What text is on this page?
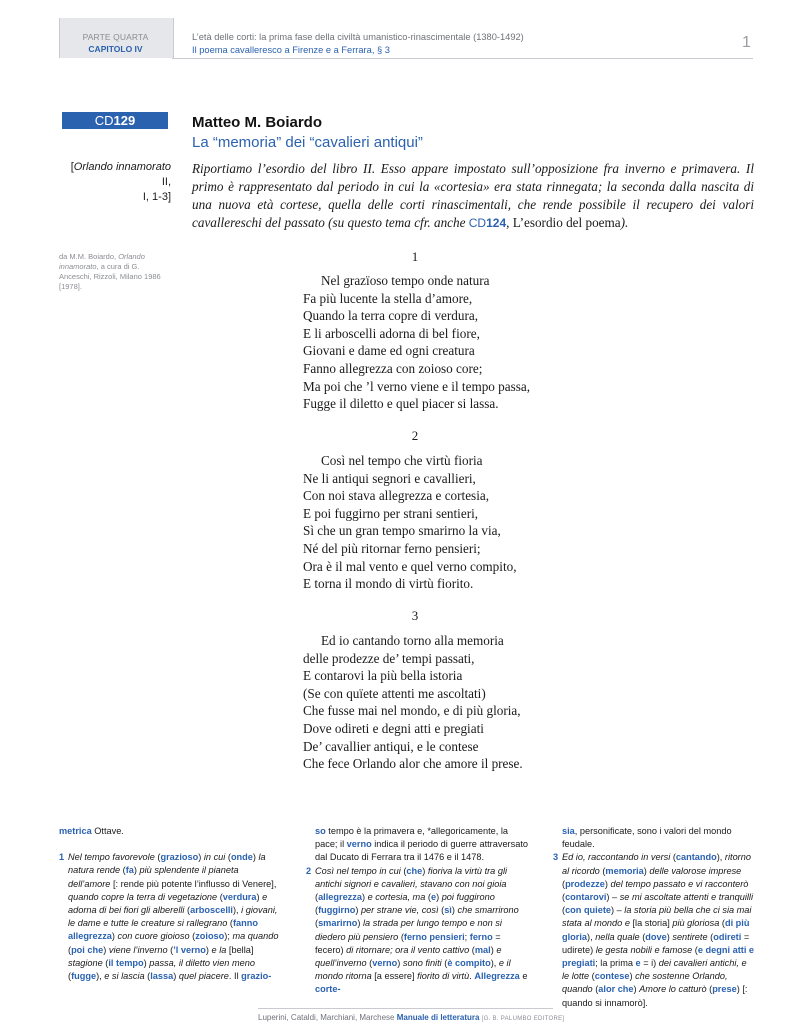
PARTE QUARTA
CAPITOLO IV
L’età delle corti: la prima fase della civiltà umanistico-rinascimentale (1380-1492)
Il poema cavalleresco a Firenze e a Ferrara, § 3	1
CD129	Matteo M. Boiardo
La “memoria” dei “cavalieri antiqui”
[Orlando innamorato II,
I, 1-3]
da M.M. Boiardo, Orlando innamorato, a cura di G. Anceschi, Rizzoli, Milano 1986 [1978].
Riportiamo l’esordio del libro II. Esso appare impostato sull’opposizione fra inverno e primavera. Il primo è rappresentato dal periodo in cui la «cortesia» era stata rinnegata; la seconda dalla nascita di una nuova età cortese, quella delle corti rinascimentali, che rende possibile il recupero dei valori cavallereschi del passato (su questo tema cfr. anche CD124, L’esordio del poema).
1
Nel grazïoso tempo onde natura
Fa più lucente la stella d’amore,
Quando la terra copre di verdura,
E li arboscelli adorna di bel fiore,
Giovani e dame ed ogni creatura
Fanno allegrezza con zoioso core;
Ma poi che ’l verno viene e il tempo passa,
Fugge il diletto e quel piacer si lassa.
2
Così nel tempo che virtù fioria
Ne li antiqui segnori e cavallieri,
Con noi stava allegrezza e cortesia,
E poi fuggirno per strani sentieri,
Sì che un gran tempo smarirno la via,
Né del più ritornar ferno pensieri;
Ora è il mal vento e quel verno compito,
E torna il mondo di virtù fiorito.
3
Ed io cantando torno alla memoria
delle prodezze de’ tempi passati,
E contarovi la più bella istoria
(Se con quïete attenti me ascoltati)
Che fusse mai nel mondo, e di più gloria,
Dove odireti e degni atti e pregiati
De’ cavallier antiqui, e le contese
Che fece Orlando alor che amore il prese.
metrica Ottave.
1 Nel tempo favorevole (grazioso) in cui (onde) la natura rende (fa) più splendente il pianeta dell’amore [: rende più potente l’influsso di Venere], quando copre la terra di vegetazione (verdura) e adorna di bei fiori gli alberelli (arboscelli), i giovani, le dame e tutte le creature si rallegrano (fanno allegrezza) con cuore gioioso (zoioso); ma quando (poi che) viene l’inverno (’l verno) e la [bella] stagione (il tempo) passa, il diletto vien meno (fugge), e si lascia (lassa) quel piacere. Il grazio-
so tempo è la primavera e, *allegoricamente, la pace; il verno indica il periodo di guerre attraversato dal Ducato di Ferrara tra il 1476 e il 1478.
2 Così nel tempo in cui (che) fioriva la virtù tra gli antichi signori e cavalieri, stavano con noi gioia (allegrezza) e cortesia, ma (e) poi fuggirono (fuggirno) per strane vie, così (sì) che smarrirono (smarirno) la strada per lungo tempo e non si diedero più pensiero (ferno pensieri; ferno = fecero) di ritornare; ora il vento cattivo (mal) e quell’inverno (verno) sono finiti (è compito), e il mondo ritorna [a essere] fiorito di virtù. Allegrezza e corte-
sia, personificate, sono i valori del mondo feudale.
3 Ed io, raccontando in versi (cantando), ritorno al ricordo (memoria) delle valorose imprese (prodezze) del tempo passato e vi racconterò (contarovi) – se mi ascoltate attenti e tranquilli (con quiete) – la storia più bella che ci sia mai stata al mondo e [la storia] più gloriosa (di più gloria), nella quale (dove) sentirete (odireti = udirete) le gesta nobili e famose (e degni atti e pregiati; la prima e = i) dei cavalieri antichi, e le lotte (contese) che sostenne Orlando, quando (alor che) Amore lo catturò (prese) [: quando si innamorò].
Luperini, Cataldi, Marchiani, Marchese Manuale di letteratura [G. B. PALUMBO EDITORE]
